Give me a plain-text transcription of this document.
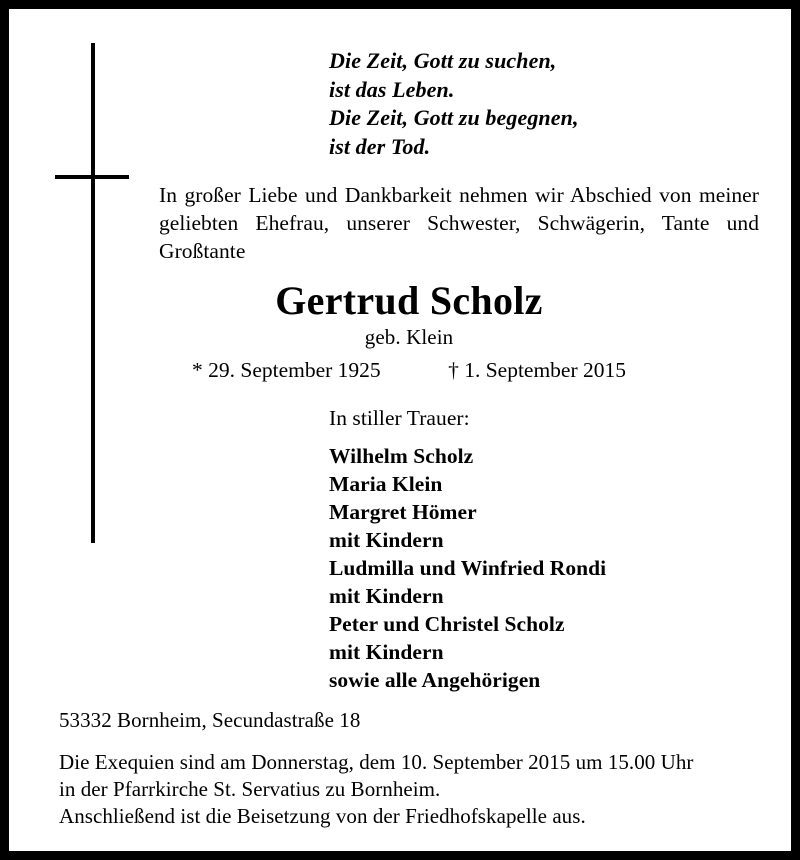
Die Zeit, Gott zu suchen,
ist das Leben.
Die Zeit, Gott zu begegnen,
ist der Tod.
In großer Liebe und Dankbarkeit nehmen wir Abschied von meiner geliebten Ehefrau, unserer Schwester, Schwägerin, Tante und Großtante
Gertrud Scholz
geb. Klein
* 29. September 1925	† 1. September 2015
In stiller Trauer:
Wilhelm Scholz
Maria Klein
Margret Hömer
mit Kindern
Ludmilla und Winfried Rondi
mit Kindern
Peter und Christel Scholz
mit Kindern
sowie alle Angehörigen
53332 Bornheim, Secundastraße 18
Die Exequien sind am Donnerstag, dem 10. September 2015 um 15.00 Uhr
in der Pfarrkirche St. Servatius zu Bornheim.
Anschließend ist die Beisetzung von der Friedhofskapelle aus.
